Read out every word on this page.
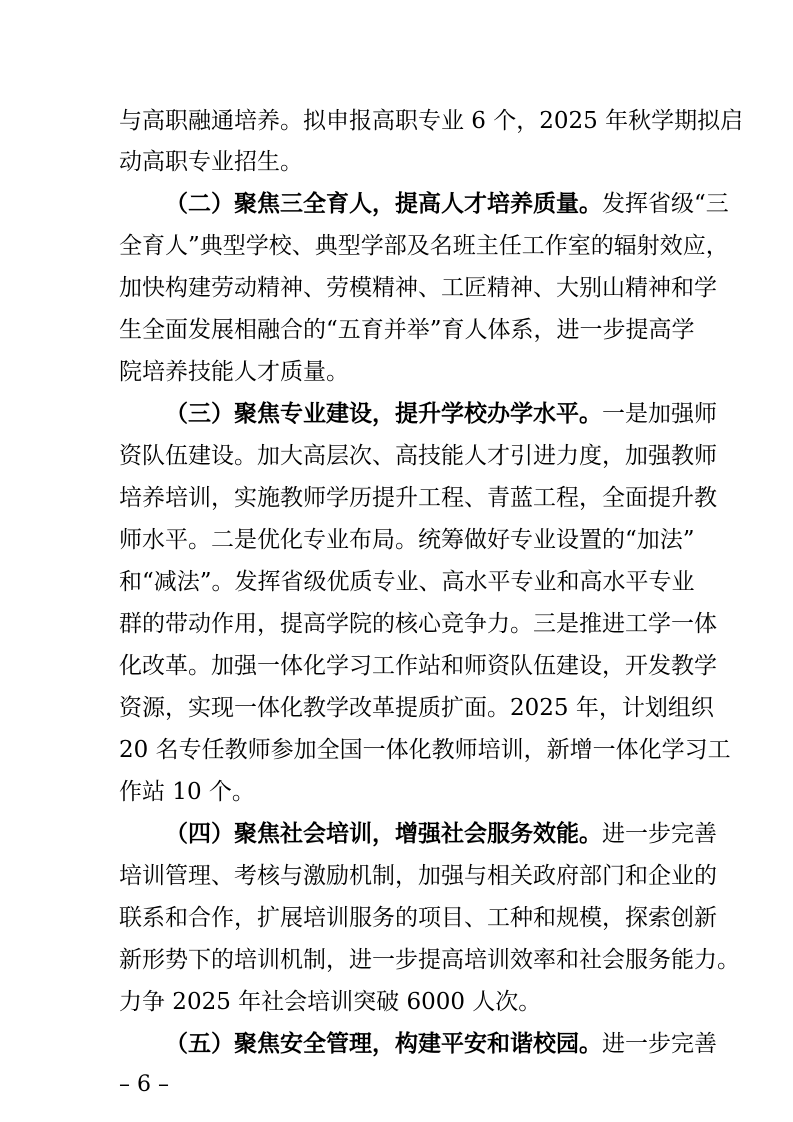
与高职融通培养。拟申报高职专业 6 个，2025 年秋学期拟启
动高职专业招生。
（二）聚焦三全育人，提高人才培养质量。发挥省级“三
全育人”典型学校、典型学部及名班主任工作室的辐射效应，
加快构建劳动精神、劳模精神、工匠精神、大别山精神和学
生全面发展相融合的“五育并举”育人体系，进一步提高学
院培养技能人才质量。
（三）聚焦专业建设，提升学校办学水平。一是加强师
资队伍建设。加大高层次、高技能人才引进力度，加强教师
培养培训，实施教师学历提升工程、青蓝工程，全面提升教
师水平。二是优化专业布局。统筹做好专业设置的“加法”
和“减法”。发挥省级优质专业、高水平专业和高水平专业
群的带动作用，提高学院的核心竞争力。三是推进工学一体
化改革。加强一体化学习工作站和师资队伍建设，开发教学
资源，实现一体化教学改革提质扩面。2025 年，计划组织
20 名专任教师参加全国一体化教师培训，新增一体化学习工
作站 10 个。
（四）聚焦社会培训，增强社会服务效能。进一步完善
培训管理、考核与激励机制，加强与相关政府部门和企业的
联系和合作，扩展培训服务的项目、工种和规模，探索创新
新形势下的培训机制，进一步提高培训效率和社会服务能力。
力争 2025 年社会培训突破 6000 人次。
（五）聚焦安全管理，构建平安和谐校园。进一步完善
– 6 –
